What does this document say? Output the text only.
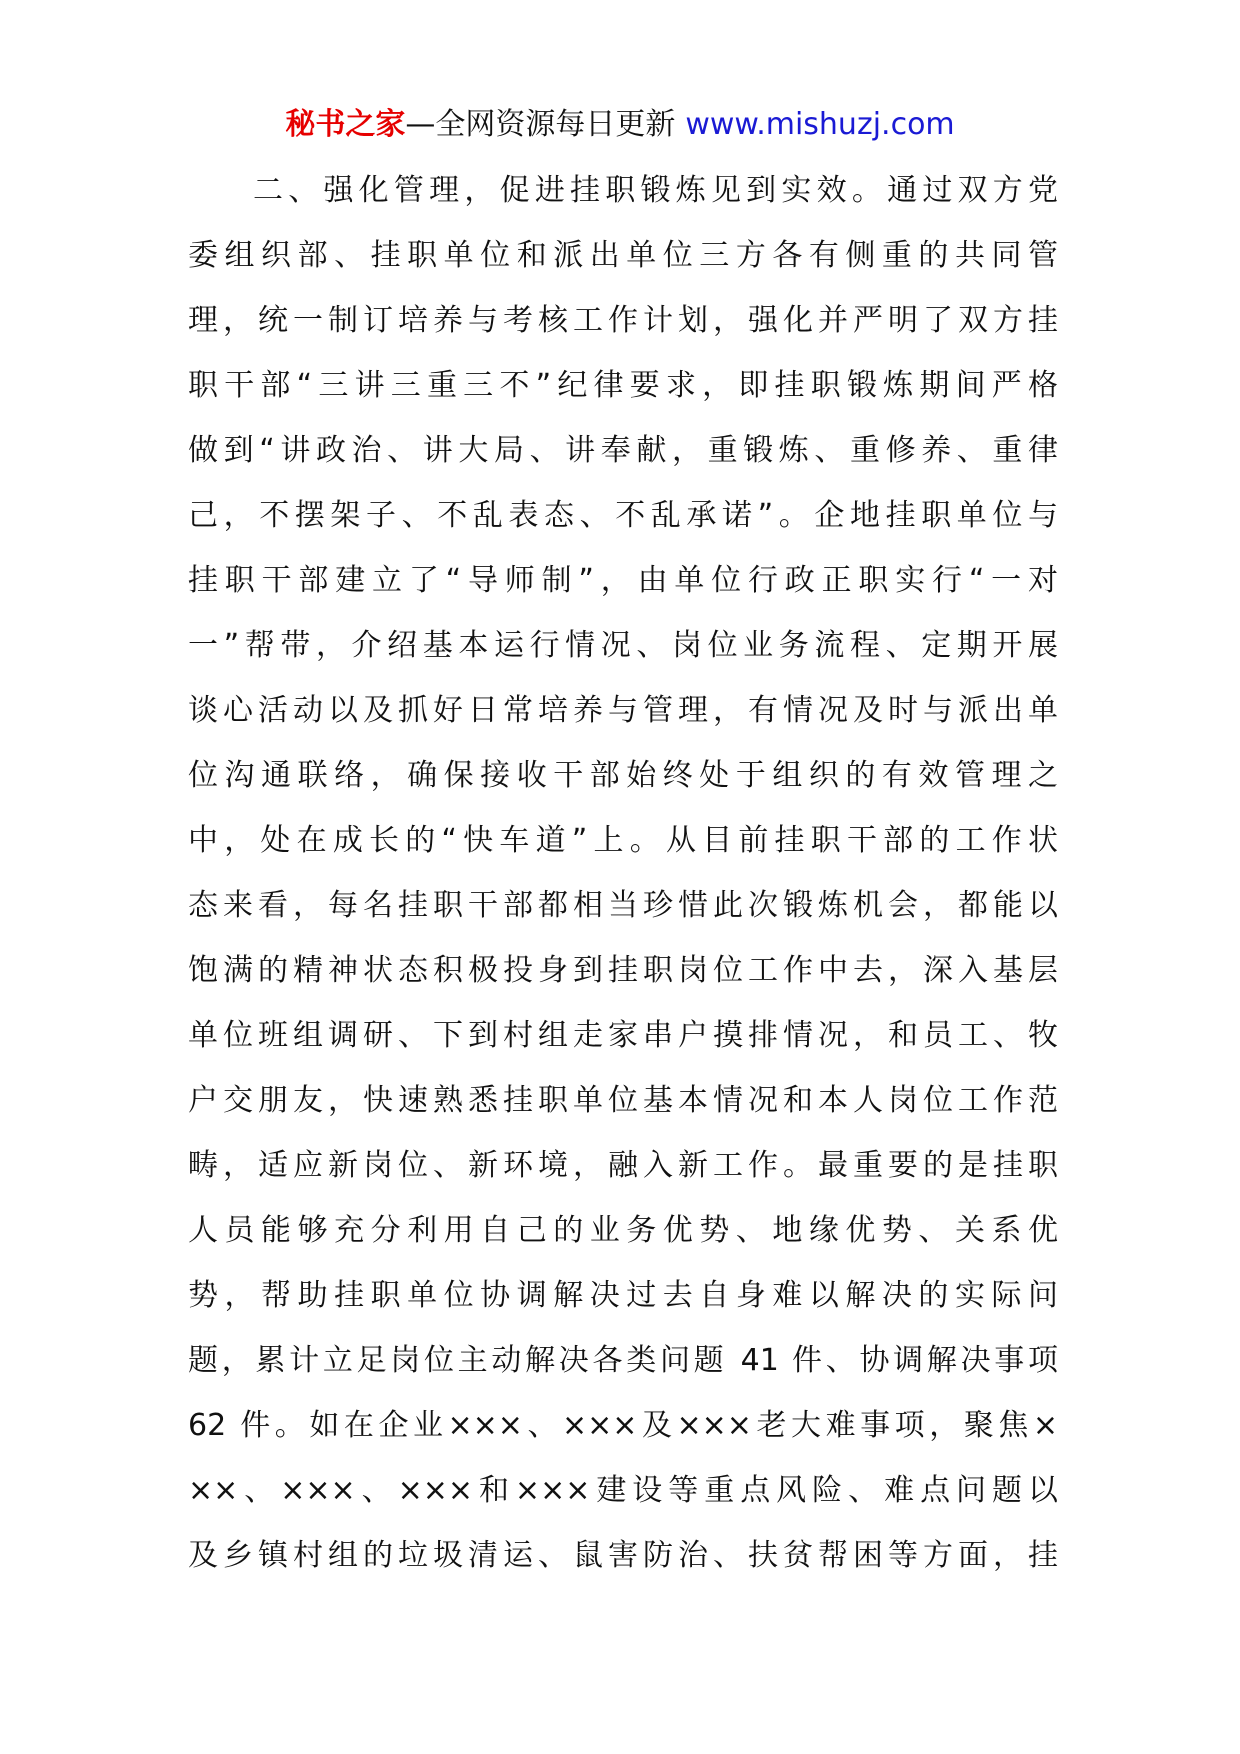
秘书之家—全网资源每日更新 www.mishuzj.com
二、强化管理，促进挂职锻炼见到实效。通过双方党
委组织部、挂职单位和派出单位三方各有侧重的共同管
理，统一制订培养与考核工作计划，强化并严明了双方挂
职干部“三讲三重三不”纪律要求，即挂职锻炼期间严格
做到“讲政治、讲大局、讲奉献，重锻炼、重修养、重律
己，不摆架子、不乱表态、不乱承诺”。企地挂职单位与
挂职干部建立了“导师制”，由单位行政正职实行“一对
一”帮带，介绍基本运行情况、岗位业务流程、定期开展
谈心活动以及抓好日常培养与管理，有情况及时与派出单
位沟通联络，确保接收干部始终处于组织的有效管理之
中，处在成长的“快车道”上。从目前挂职干部的工作状
态来看，每名挂职干部都相当珍惜此次锻炼机会，都能以
饱满的精神状态积极投身到挂职岗位工作中去，深入基层
单位班组调研、下到村组走家串户摸排情况，和员工、牧
户交朋友，快速熟悉挂职单位基本情况和本人岗位工作范
畴，适应新岗位、新环境，融入新工作。最重要的是挂职
人员能够充分利用自己的业务优势、地缘优势、关系优
势，帮助挂职单位协调解决过去自身难以解决的实际问
题，累计立足岗位主动解决各类问题 41 件、协调解决事项
62 件。如在企业×××、×××及×××老大难事项，聚焦×
××、×××、×××和×××建设等重点风险、难点问题以
及乡镇村组的垃圾清运、鼠害防治、扶贫帮困等方面，挂
